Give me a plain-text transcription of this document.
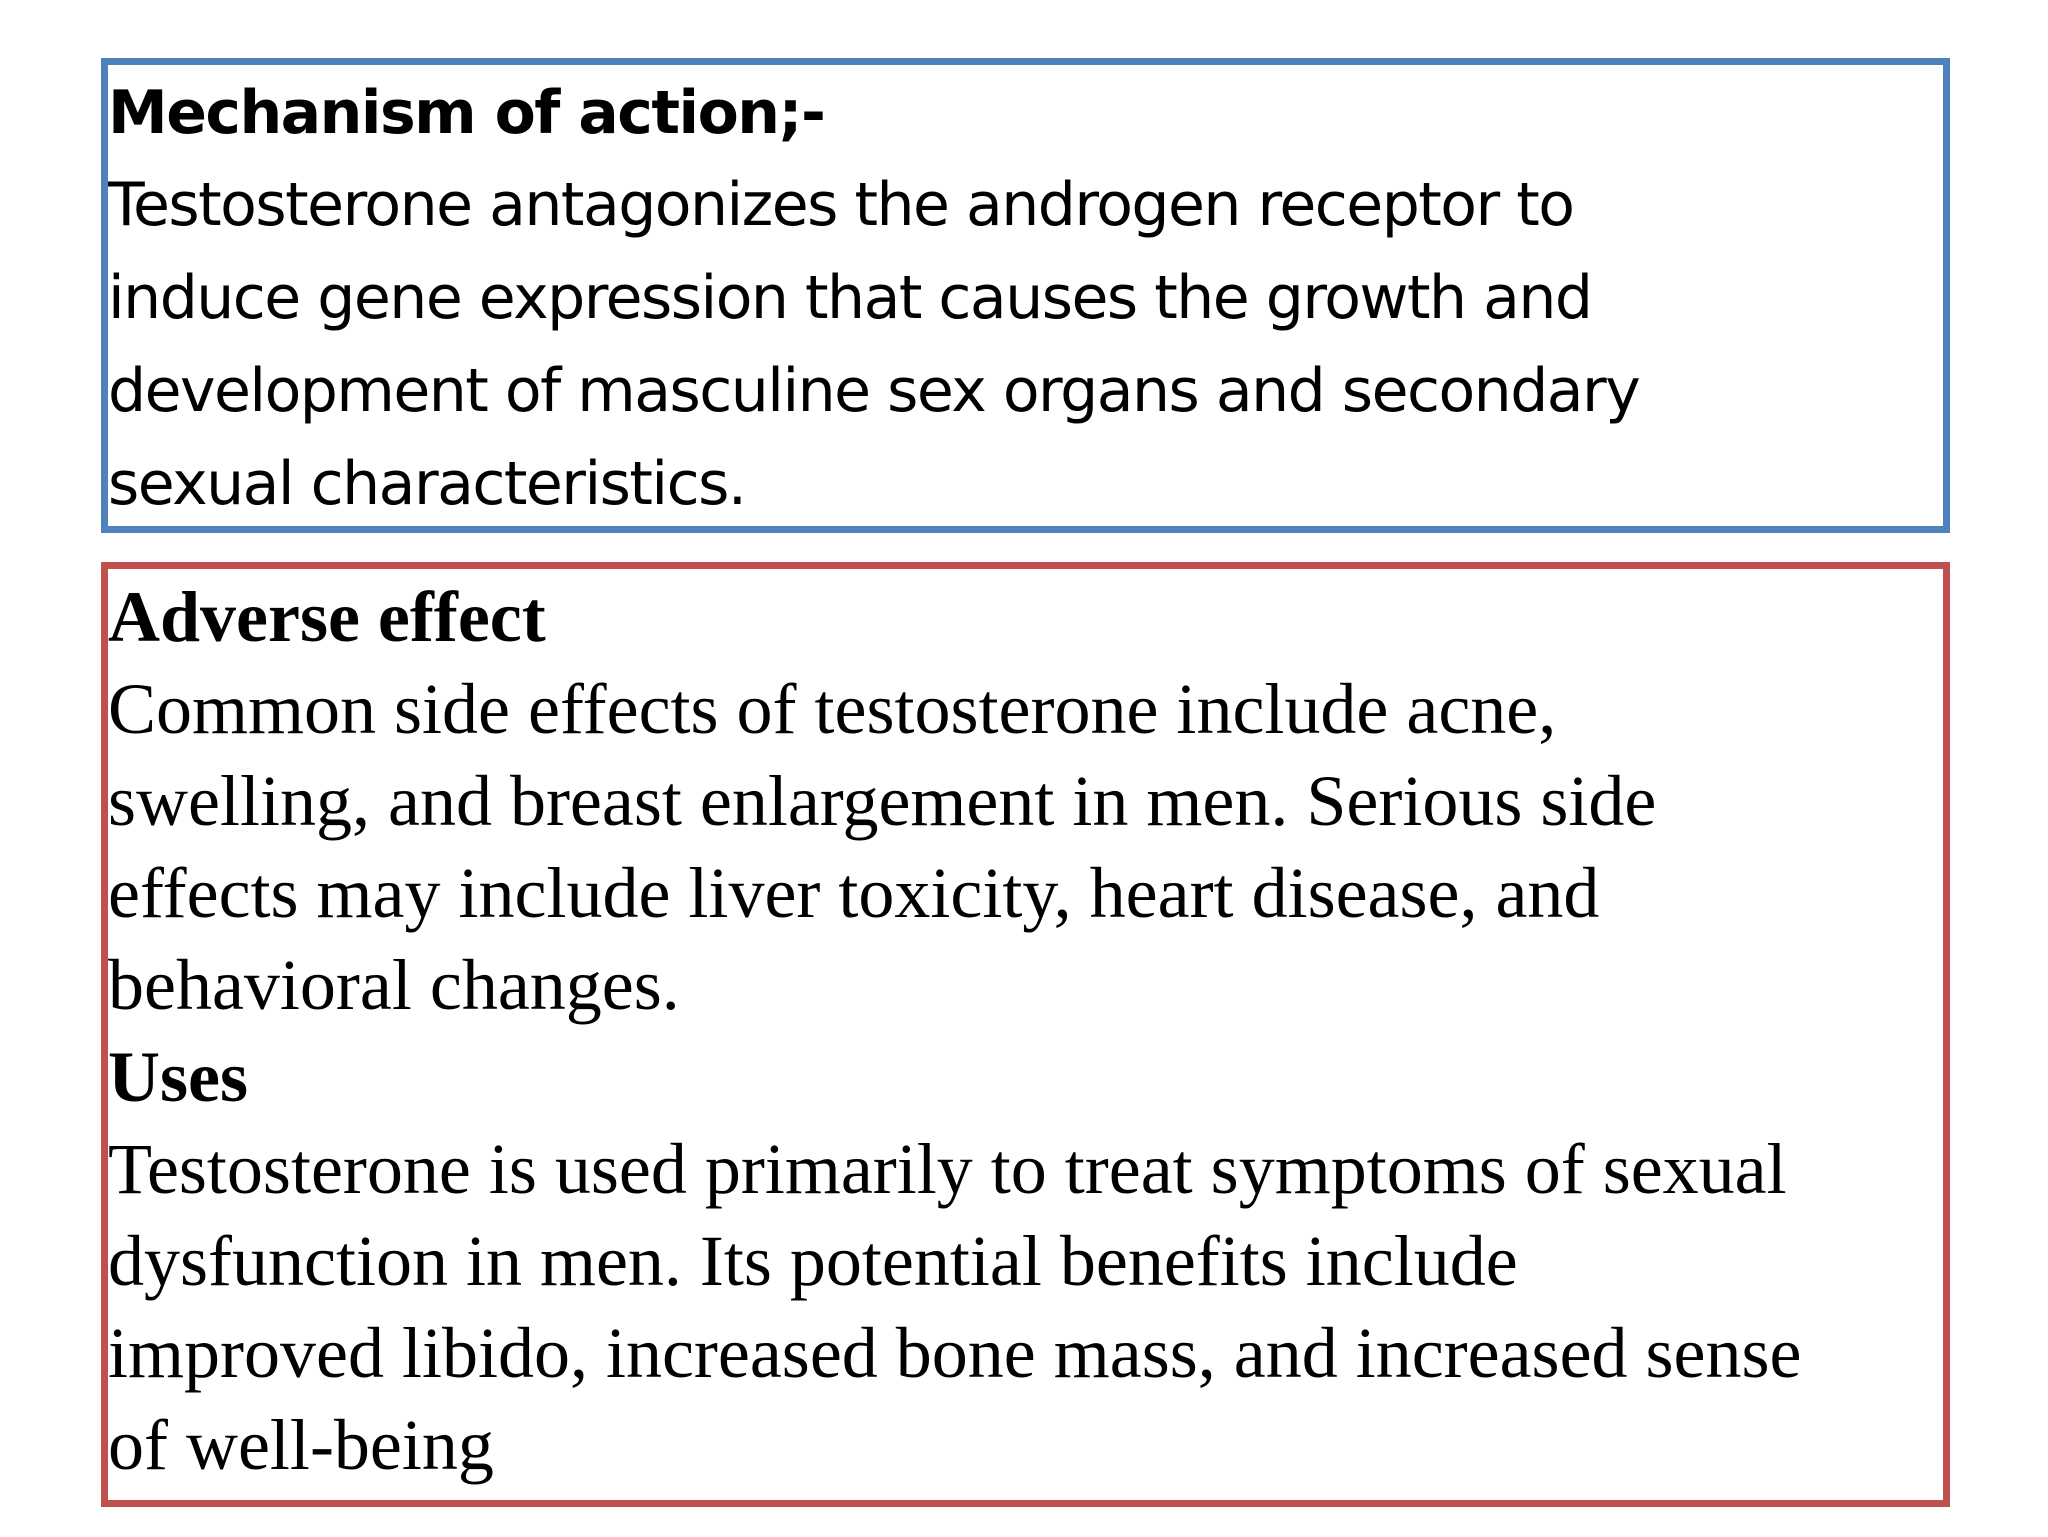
Mechanism of action;-

Testosterone antagonizes the androgen receptor to
induce gene expression that causes the growth and
development of masculine sex organs and secondary
sexual characteristics.

Adverse effect

Common side effects of testosterone include acne,
swelling, and breast enlargement in men. Serious side
effects may include liver toxicity, heart disease, and
behavioral changes.

Uses

Testosterone is used primarily to treat symptoms of sexual
dysfunction in men. Its potential benefits include
improved libido, increased bone mass, and increased sense
of well-being
